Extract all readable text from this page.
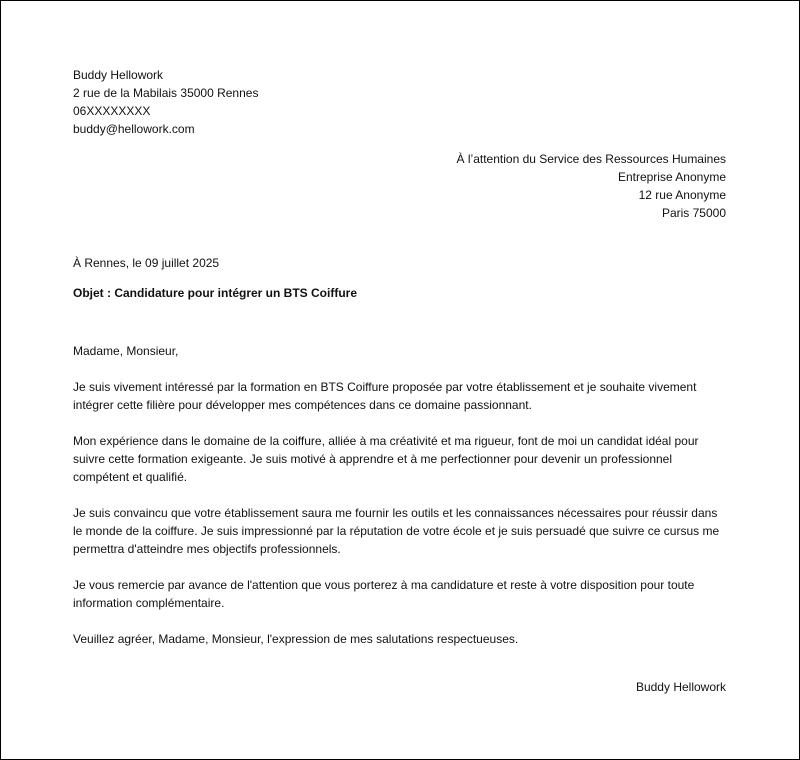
Buddy Hellowork
2 rue de la Mabilais 35000 Rennes
06XXXXXXXX
buddy@hellowork.com
À l’attention du Service des Ressources Humaines
Entreprise Anonyme
12 rue Anonyme
Paris 75000
À Rennes, le 09 juillet 2025
Objet : Candidature pour intégrer un BTS Coiffure

Madame, Monsieur,

Je suis vivement intéressé par la formation en BTS Coiffure proposée par votre établissement et je souhaite vivement intégrer cette filière pour développer mes compétences dans ce domaine passionnant.

Mon expérience dans le domaine de la coiffure, alliée à ma créativité et ma rigueur, font de moi un candidat idéal pour suivre cette formation exigeante. Je suis motivé à apprendre et à me perfectionner pour devenir un professionnel compétent et qualifié.

Je suis convaincu que votre établissement saura me fournir les outils et les connaissances nécessaires pour réussir dans le monde de la coiffure. Je suis impressionné par la réputation de votre école et je suis persuadé que suivre ce cursus me permettra d'atteindre mes objectifs professionnels.

Je vous remercie par avance de l'attention que vous porterez à ma candidature et reste à votre disposition pour toute information complémentaire.

Veuillez agréer, Madame, Monsieur, l'expression de mes salutations respectueuses.

Buddy Hellowork
